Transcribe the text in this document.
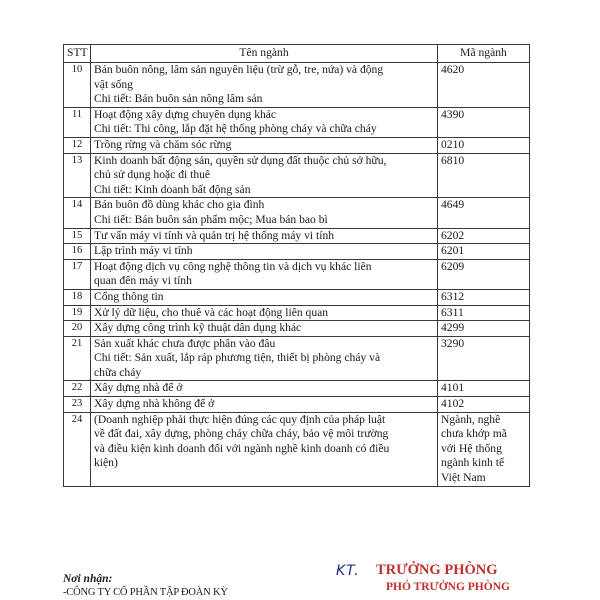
STT	Tên ngành	Mã ngành
10	Bán buôn nông, lâm sản nguyên liệu (trừ gỗ, tre, nứa) và động
vật sống
Chi tiết: Bán buôn sản nông lâm sản	4620

11	Hoạt động xây dựng chuyên dụng khác
Chi tiết: Thi công, lắp đặt hệ thống phòng cháy và chữa cháy	4390

12	Trồng rừng và chăm sóc rừng	0210

13	Kinh doanh bất động sản, quyền sử dụng đất thuộc chủ sở hữu,
chủ sử dụng hoặc đi thuê
Chi tiết: Kinh doanh bất động sản	6810

14	Bán buôn đồ dùng khác cho gia đình
Chi tiết: Bán buôn sản phẩm mộc; Mua bán bao bì	4649

15	Tư vấn máy vi tính và quản trị hệ thống máy vi tính	6202

16	Lập trình máy vi tính	6201

17	Hoạt động dịch vụ công nghệ thông tin và dịch vụ khác liên
quan đến máy vi tính	6209

18	Cổng thông tin	6312

19	Xử lý dữ liệu, cho thuê và các hoạt động liên quan	6311

20	Xây dựng công trình kỹ thuật dân dụng khác	4299

21	Sản xuất khác chưa được phân vào đâu
Chi tiết: Sản xuất, lắp ráp phương tiện, thiết bị phòng cháy và
chữa cháy	3290

22	Xây dựng nhà để ở	4101

23	Xây dựng nhà không để ở	4102

24	(Doanh nghiệp phải thực hiện đúng các quy định của pháp luật
về đất đai, xây dựng, phòng cháy chữa cháy, bảo vệ môi trường
và điều kiện kinh doanh đối với ngành nghề kinh doanh có điều
kiện)	Ngành, nghề
chưa khớp mã
với Hệ thống
ngành kinh tế
Việt Nam
Nơi nhận:
-CÔNG TY CỔ PHẦN TẬP ĐOÀN KỲ
KT. TRƯỞNG PHÒNG
PHÓ TRƯỞNG PHÒNG
